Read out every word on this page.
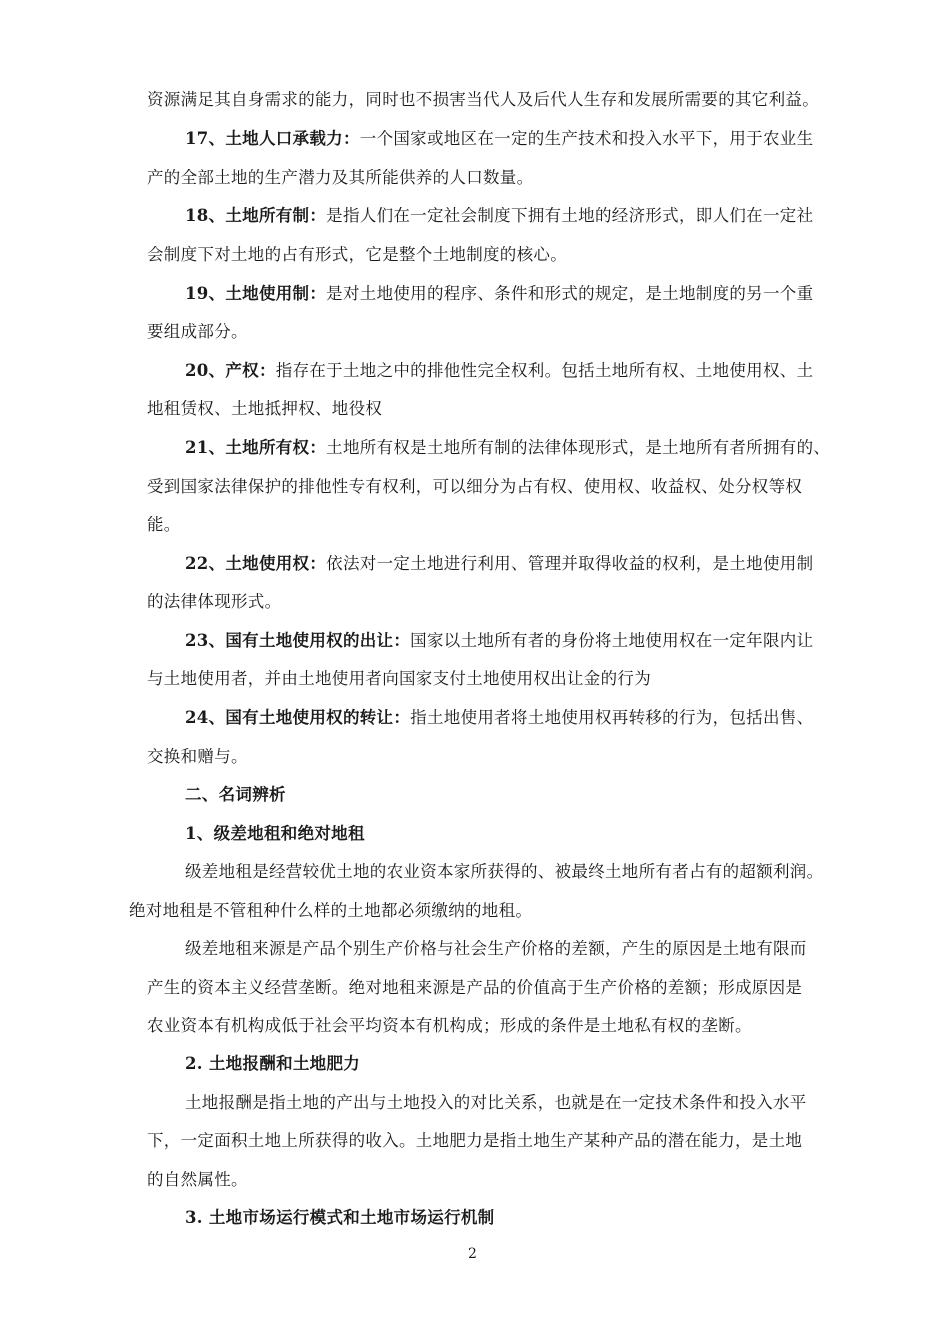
资源满足其自身需求的能力，同时也不损害当代人及后代人生存和发展所需要的其它利益。
17、土地人口承载力：一个国家或地区在一定的生产技术和投入水平下，用于农业生
产的全部土地的生产潜力及其所能供养的人口数量。
18、土地所有制：是指人们在一定社会制度下拥有土地的经济形式，即人们在一定社
会制度下对土地的占有形式，它是整个土地制度的核心。
19、土地使用制：是对土地使用的程序、条件和形式的规定，是土地制度的另一个重
要组成部分。
20、产权：指存在于土地之中的排他性完全权利。包括土地所有权、土地使用权、土
地租赁权、土地抵押权、地役权
21、土地所有权：土地所有权是土地所有制的法律体现形式，是土地所有者所拥有的、
受到国家法律保护的排他性专有权利，可以细分为占有权、使用权、收益权、处分权等权
能。
22、土地使用权：依法对一定土地进行利用、管理并取得收益的权利，是土地使用制
的法律体现形式。
23、国有土地使用权的出让：国家以土地所有者的身份将土地使用权在一定年限内让
与土地使用者，并由土地使用者向国家支付土地使用权出让金的行为
24、国有土地使用权的转让：指土地使用者将土地使用权再转移的行为，包括出售、
交换和赠与。
二、名词辨析
1、级差地租和绝对地租
级差地租是经营较优土地的农业资本家所获得的、被最终土地所有者占有的超额利润。
绝对地租是不管租种什么样的土地都必须缴纳的地租。
级差地租来源是产品个别生产价格与社会生产价格的差额，产生的原因是土地有限而
产生的资本主义经营垄断。绝对地租来源是产品的价值高于生产价格的差额；形成原因是
农业资本有机构成低于社会平均资本有机构成；形成的条件是土地私有权的垄断。
2. 土地报酬和土地肥力
土地报酬是指土地的产出与土地投入的对比关系，也就是在一定技术条件和投入水平
下，一定面积土地上所获得的收入。土地肥力是指土地生产某种产品的潜在能力，是土地
的自然属性。
3. 土地市场运行模式和土地市场运行机制
2
